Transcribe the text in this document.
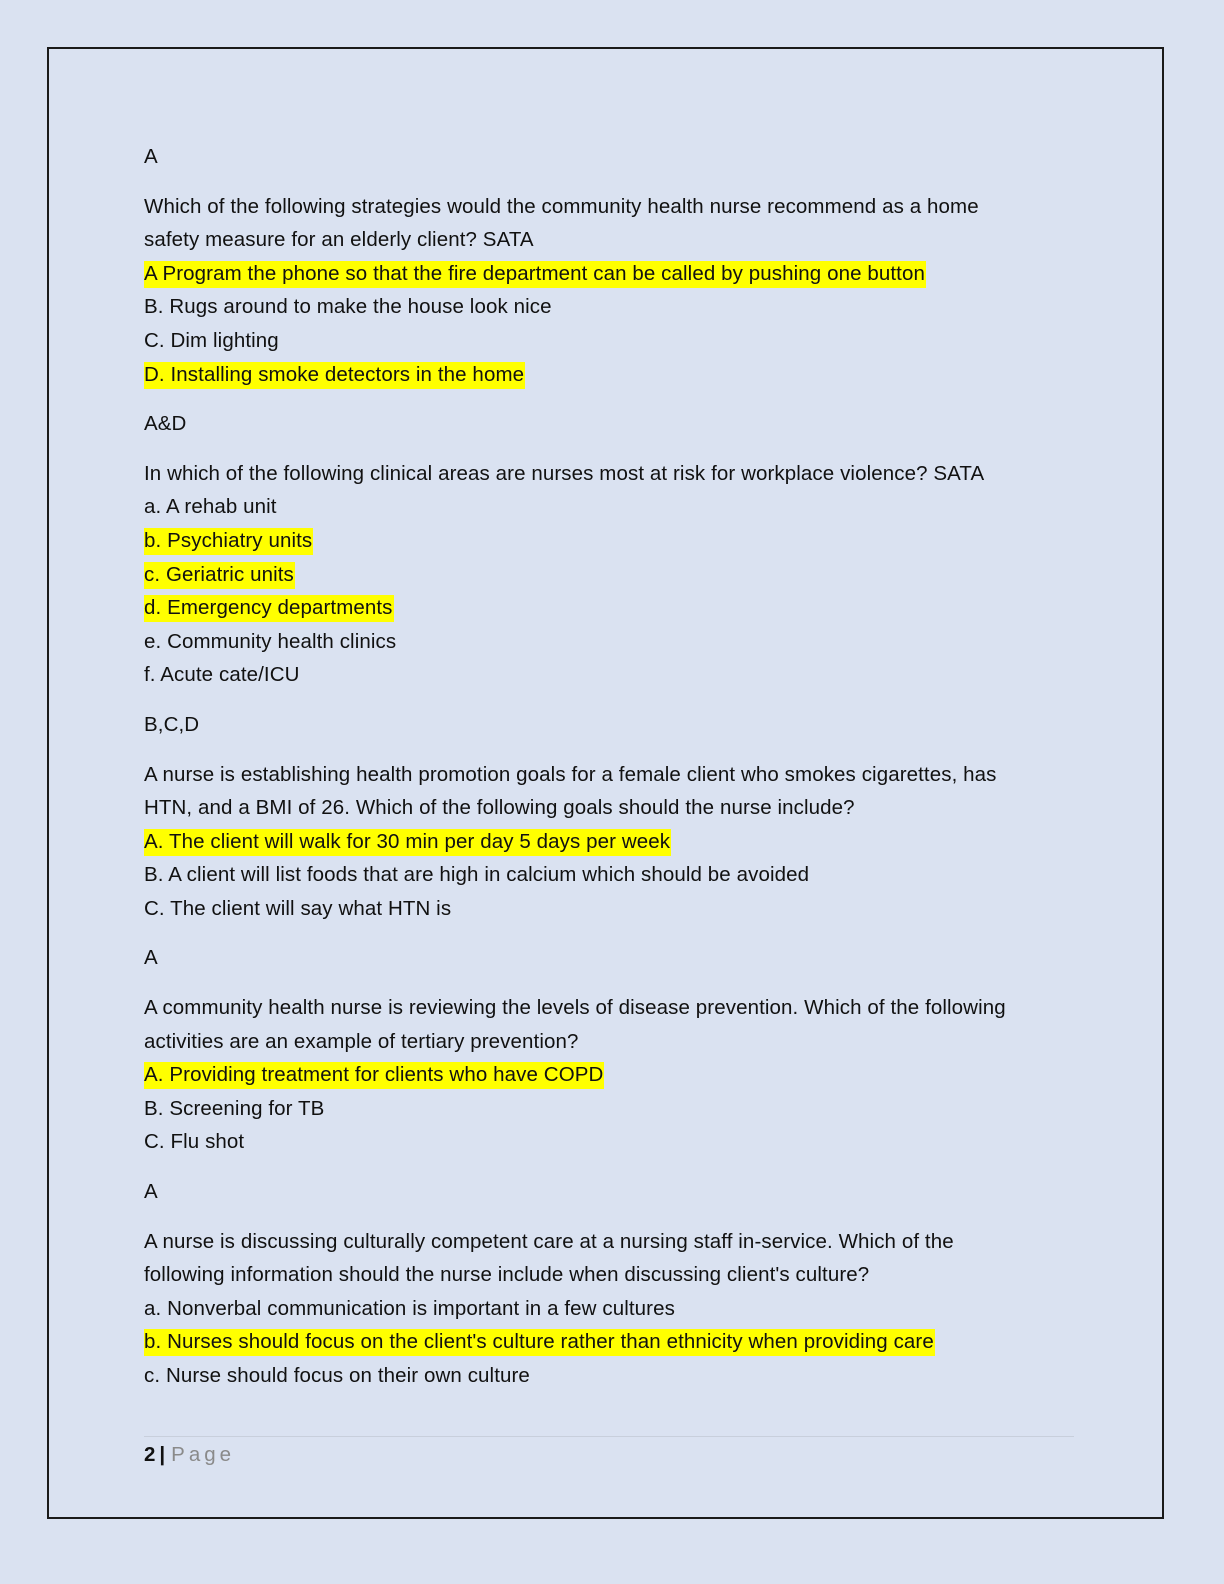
A
Which of the following strategies would the community health nurse recommend as a home
safety measure for an elderly client? SATA
A Program the phone so that the fire department can be called by pushing one button
B. Rugs around to make the house look nice
C. Dim lighting
D. Installing smoke detectors in the home
A&D
In which of the following clinical areas are nurses most at risk for workplace violence? SATA
a. A rehab unit
b. Psychiatry units
c. Geriatric units
d. Emergency departments
e. Community health clinics
f. Acute cate/ICU
B,C,D
A nurse is establishing health promotion goals for a female client who smokes cigarettes, has
HTN, and a BMI of 26. Which of the following goals should the nurse include?
A. The client will walk for 30 min per day 5 days per week
B. A client will list foods that are high in calcium which should be avoided
C. The client will say what HTN is
A
A community health nurse is reviewing the levels of disease prevention. Which of the following
activities are an example of tertiary prevention?
A. Providing treatment for clients who have COPD
B. Screening for TB
C. Flu shot
A
A nurse is discussing culturally competent care at a nursing staff in-service. Which of the
following information should the nurse include when discussing client's culture?
a. Nonverbal communication is important in a few cultures
b. Nurses should focus on the client's culture rather than ethnicity when providing care
c. Nurse should focus on their own culture
2 | Page
